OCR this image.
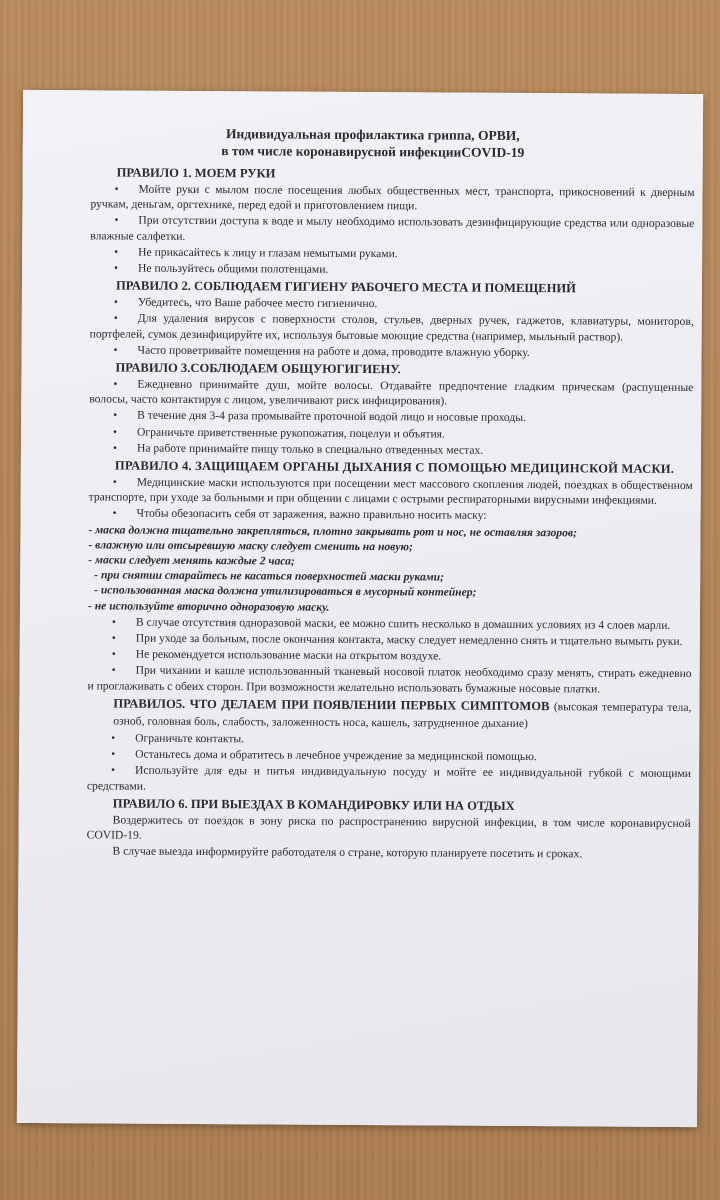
Индивидуальная профилактика гриппа, ОРВИ,
в том числе коронавирусной инфекцииCOVID-19
ПРАВИЛО 1. МОЕМ РУКИ
• Мойте руки с мылом после посещения любых общественных мест, транспорта, прикосновений к дверным ручкам, деньгам, оргтехнике, перед едой и приготовлением пищи.
• При отсутствии доступа к воде и мылу необходимо использовать дезинфицирующие средства или одноразовые влажные салфетки.
• Не прикасайтесь к лицу и глазам немытыми руками.
• Не пользуйтесь общими полотенцами.
ПРАВИЛО 2. СОБЛЮДАЕМ ГИГИЕНУ РАБОЧЕГО МЕСТА И ПОМЕЩЕНИЙ
• Убедитесь, что Ваше рабочее место гигиенично.
• Для удаления вирусов с поверхности столов, стульев, дверных ручек, гаджетов, клавиатуры, мониторов, портфелей, сумок дезинфицируйте их, используя бытовые моющие средства (например, мыльный раствор).
• Часто проветривайте помещения на работе и дома, проводите влажную уборку.
ПРАВИЛО 3.СОБЛЮДАЕМ ОБЩУЮГИГИЕНУ.
• Ежедневно принимайте душ, мойте волосы. Отдавайте предпочтение гладким прическам (распущенные волосы, часто контактируя с лицом, увеличивают риск инфицирования).
• В течение дня 3-4 раза промывайте проточной водой лицо и носовые проходы.
• Ограничьте приветственные рукопожатия, поцелуи и объятия.
• На работе принимайте пищу только в специально отведенных местах.
ПРАВИЛО 4. ЗАЩИЩАЕМ ОРГАНЫ ДЫХАНИЯ С ПОМОЩЬЮ МЕДИЦИНСКОЙ МАСКИ.
• Медицинские маски используются при посещении мест массового скопления людей, поездках в общественном транспорте, при уходе за больными и при общении с лицами с острыми респираторными вирусными инфекциями.
• Чтобы обезопасить себя от заражения, важно правильно носить маску:
- маска должна тщательно закрепляться, плотно закрывать рот и нос, не оставляя зазоров;
- влажную или отсыревшую маску следует сменить на новую;
- маски следует менять каждые 2 часа;
- при снятии старайтесь не касаться поверхностей маски руками;
- использованная маска должна утилизироваться в мусорный контейнер;
- не используйте вторично одноразовую маску.
• В случае отсутствия одноразовой маски, ее можно сшить несколько в домашних условиях из 4 слоев марли.
• При уходе за больным, после окончания контакта, маску следует немедленно снять и тщательно вымыть руки.
• Не рекомендуется использование маски на открытом воздухе.
• При чихании и кашле использованный тканевый носовой платок необходимо сразу менять, стирать ежедневно и проглаживать с обеих сторон. При возможности желательно использовать бумажные носовые платки.
ПРАВИЛО5. ЧТО ДЕЛАЕМ ПРИ ПОЯВЛЕНИИ ПЕРВЫХ СИМПТОМОВ (высокая температура тела, озноб, головная боль, слабость, заложенность носа, кашель, затрудненное дыхание)
• Ограничьте контакты.
• Останьтесь дома и обратитесь в лечебное учреждение за медицинской помощью.
• Используйте для еды и питья индивидуальную посуду и мойте ее индивидуальной губкой с моющими средствами.
ПРАВИЛО 6. ПРИ ВЫЕЗДАХ В КОМАНДИРОВКУ ИЛИ НА ОТДЫХ
Воздержитесь от поездок в зону риска по распространению вирусной инфекции, в том числе коронавирусной COVID-19.
В случае выезда информируйте работодателя о стране, которую планируете посетить и сроках.
